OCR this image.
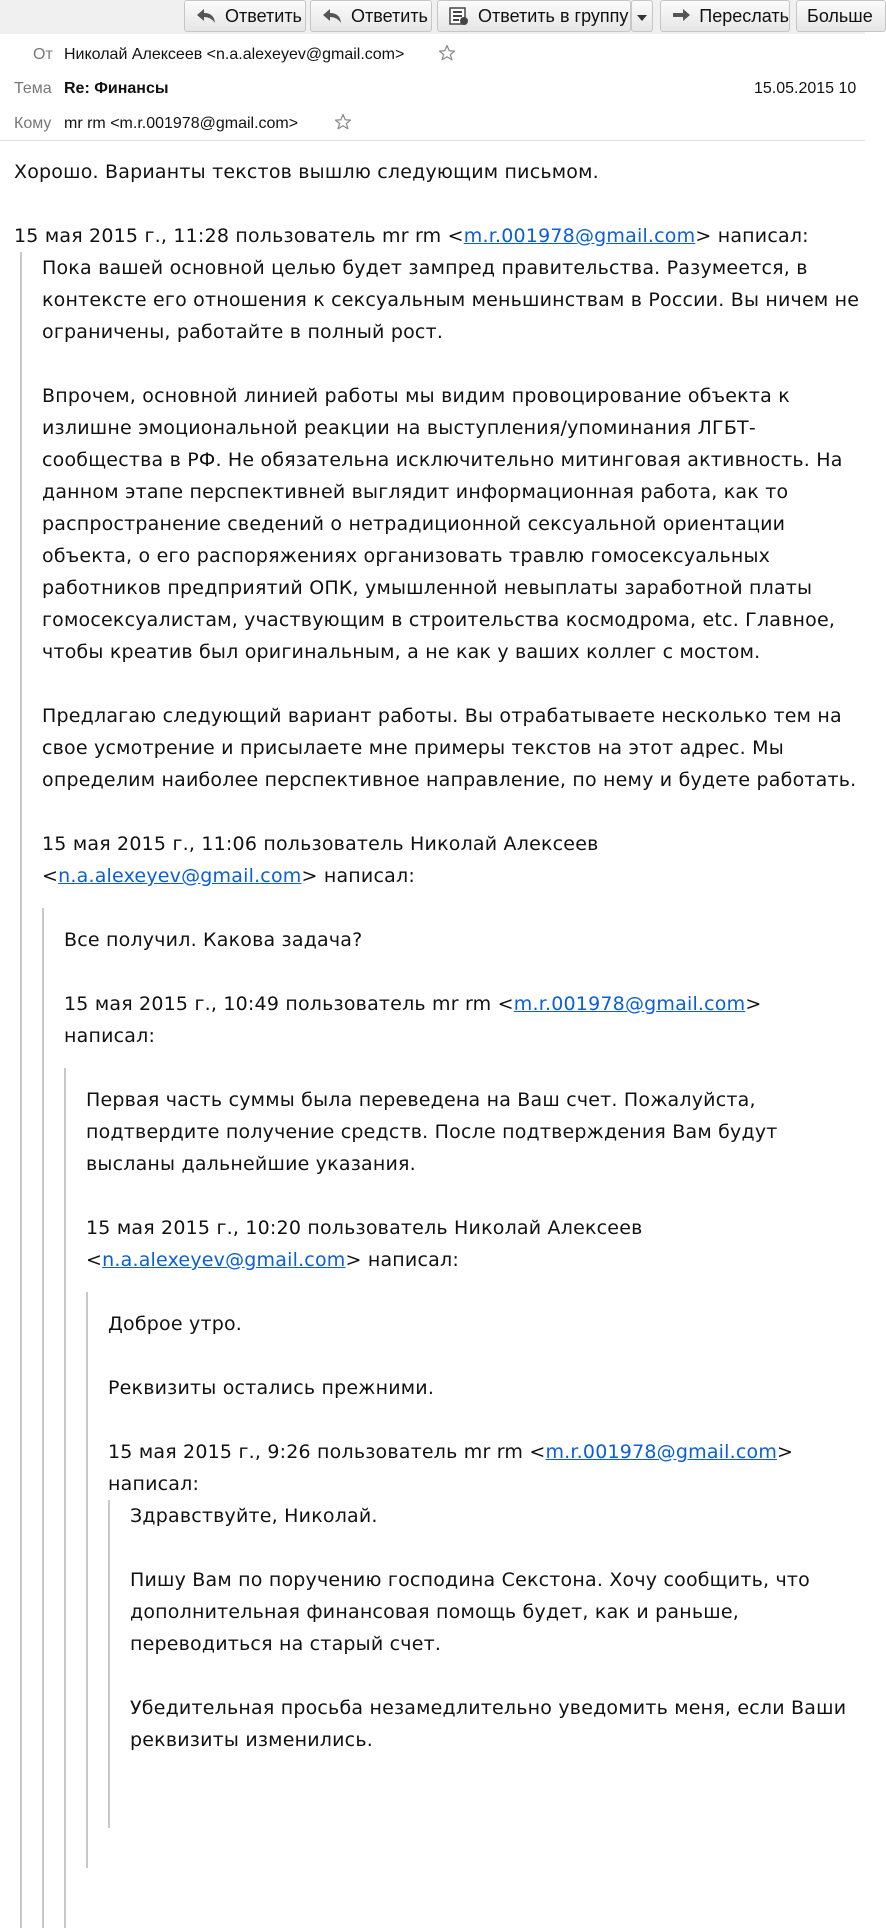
Ответить	Ответить	Ответить в группу	Переслать Больше
От Николай Алексеев <n.a.alexeyev@gmail.com>
Тема Re: Финансы	15.05.2015 10
Кому mr rm <m.r.001978@gmail.com>

Хорошо. Варианты текстов вышлю следующим письмом.

15 мая 2015 г., 11:28 пользователь mr rm <m.r.001978@gmail.com> написал:

Пока вашей основной целью будет зампред правительства. Разумеется, в контексте его отношения к сексуальным меньшинствам в России. Вы ничем не ограничены, работайте в полный рост.

Впрочем, основной линией работы мы видим провоцирование объекта к излишне эмоциональной реакции на выступления/упоминания ЛГБТ-сообщества в РФ. Не обязательна исключительно митинговая активность. На данном этапе перспективней выглядит информационная работа, как то распространение сведений о нетрадиционной сексуальной ориентации объекта, о его распоряжениях организовать травлю гомосексуальных работников предприятий ОПК, умышленной невыплаты заработной платы гомосексуалистам, участвующим в строительства космодрома, etc. Главное, чтобы креатив был оригинальным, а не как у ваших коллег с мостом.

Предлагаю следующий вариант работы. Вы отрабатываете несколько тем на свое усмотрение и присылаете мне примеры текстов на этот адрес. Мы определим наиболее перспективное направление, по нему и будете работать.

15 мая 2015 г., 11:06 пользователь Николай Алексеев
<n.a.alexeyev@gmail.com> написал:

Все получил. Какова задача?

15 мая 2015 г., 10:49 пользователь mr rm <m.r.001978@gmail.com>
написал:

Первая часть суммы была переведена на Ваш счет. Пожалуйста, подтвердите получение средств. После подтверждения Вам будут высланы дальнейшие указания.

15 мая 2015 г., 10:20 пользователь Николай Алексеев
<n.a.alexeyev@gmail.com> написал:

Доброе утро.

Реквизиты остались прежними.

15 мая 2015 г., 9:26 пользователь mr rm <m.r.001978@gmail.com>
написал:

Здравствуйте, Николай.

Пишу Вам по поручению господина Секстона. Хочу сообщить, что дополнительная финансовая помощь будет, как и раньше, переводиться на старый счет.

Убедительная просьба незамедлительно уведомить меня, если Ваши реквизиты изменились.
